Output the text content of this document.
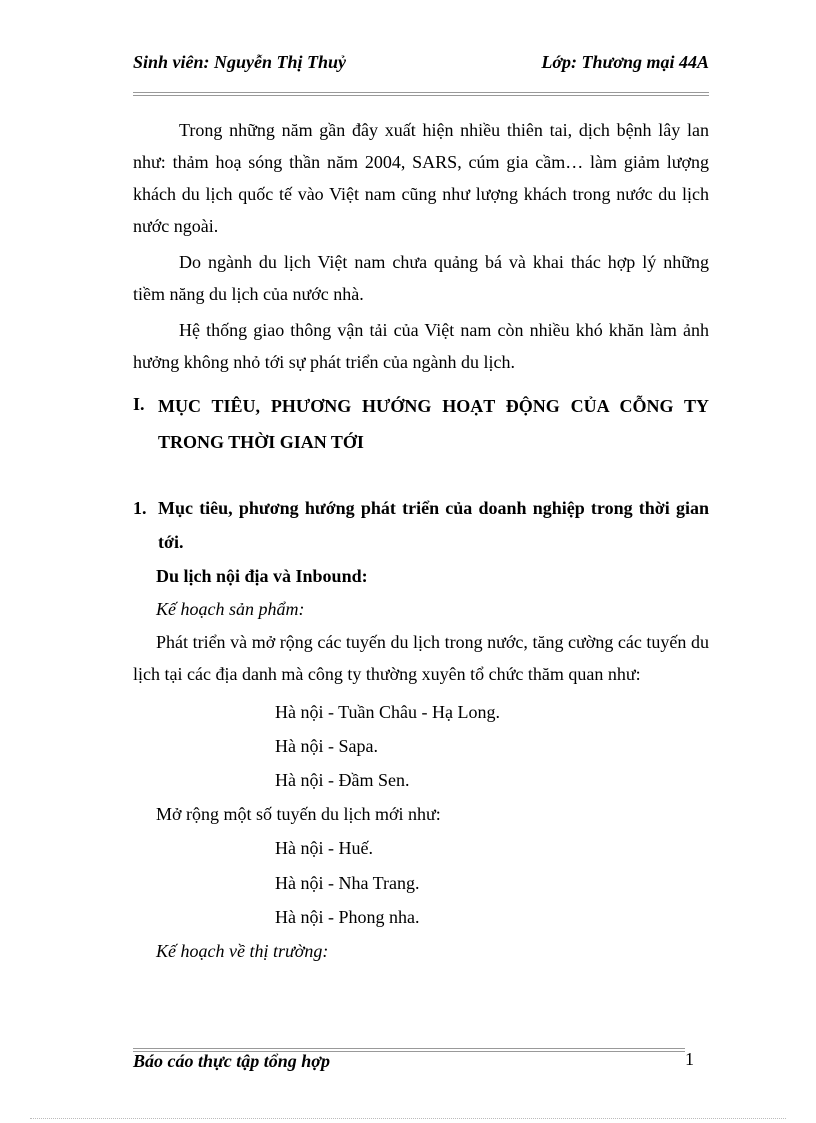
Sinh viên: Nguyễn Thị Thuỷ	Lớp: Thương mại 44A

Trong những năm gần đây xuất hiện nhiều thiên tai, dịch bệnh lây lan như: thảm hoạ sóng thần năm 2004, SARS, cúm gia cầm… làm giảm lượng khách du lịch quốc tế vào Việt nam cũng như lượng khách trong nước du lịch nước ngoài.

Do ngành du lịch Việt nam chưa quảng bá và khai thác hợp lý những tiềm năng du lịch của nước nhà.

Hệ thống giao thông vận tải của Việt nam còn nhiều khó khăn làm ảnh hưởng không nhỏ tới sự phát triển của ngành du lịch.

I. MỤC TIÊU, PHƯƠNG HƯỚNG HOẠT ĐỘNG CỦA CỖNG TY TRONG THỜI GIAN TỚI

1. Mục tiêu, phương hướng phát triển của doanh nghiệp trong thời gian tới.

Du lịch nội địa và Inbound:
Kế hoạch sản phẩm:
Phát triển và mở rộng các tuyến du lịch trong nước, tăng cường các tuyến du lịch tại các địa danh mà công ty thường xuyên tổ chức thăm quan như:
Hà nội - Tuần Châu - Hạ Long.
Hà nội - Sapa.
Hà nội - Đầm Sen.
Mở rộng một số tuyến du lịch mới như:
Hà nội - Huế.
Hà nội - Nha Trang.
Hà nội - Phong nha.
Kế hoạch về thị trường:
Báo cáo thực tập tổng hợp	1
